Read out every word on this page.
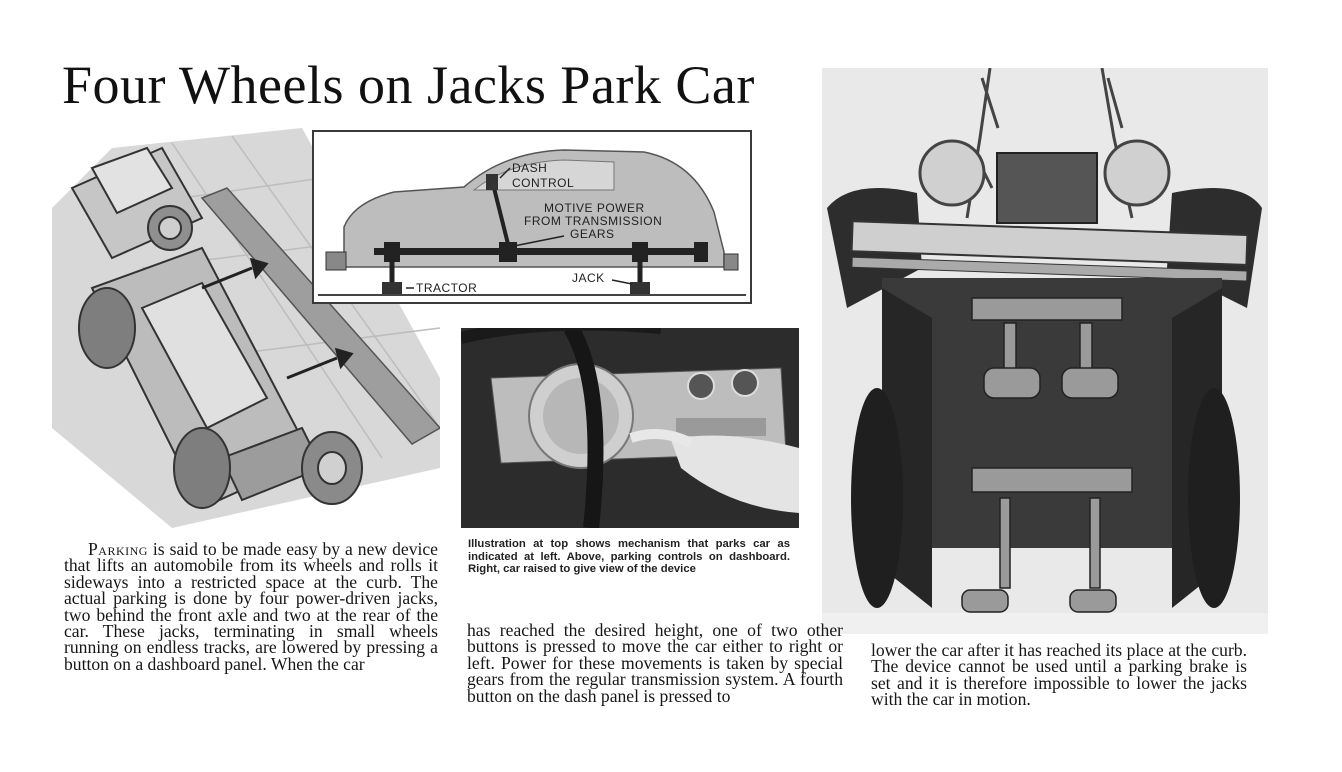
Four Wheels on Jacks Park Car
DASH
CONTROL
MOTIVE POWER
FROM TRANSMISSION
GEARS
TRACTOR
JACK

Illustration at top shows mechanism that parks car as indicated at left. Above, parking controls on dashboard. Right, car raised to give view of the device

Parking is said to be made easy by a new device that lifts an automobile from its wheels and rolls it sideways into a restricted space at the curb. The actual parking is done by four power-driven jacks, two behind the front axle and two at the rear of the car. These jacks, terminating in small wheels running on endless tracks, are lowered by pressing a button on a dashboard panel. When the car

has reached the desired height, one of two other buttons is pressed to move the car either to right or left. Power for these movements is taken by special gears from the regular transmission system. A fourth button on the dash panel is pressed to

lower the car after it has reached its place at the curb. The device cannot be used until a parking brake is set and it is therefore impossible to lower the jacks with the car in motion.
